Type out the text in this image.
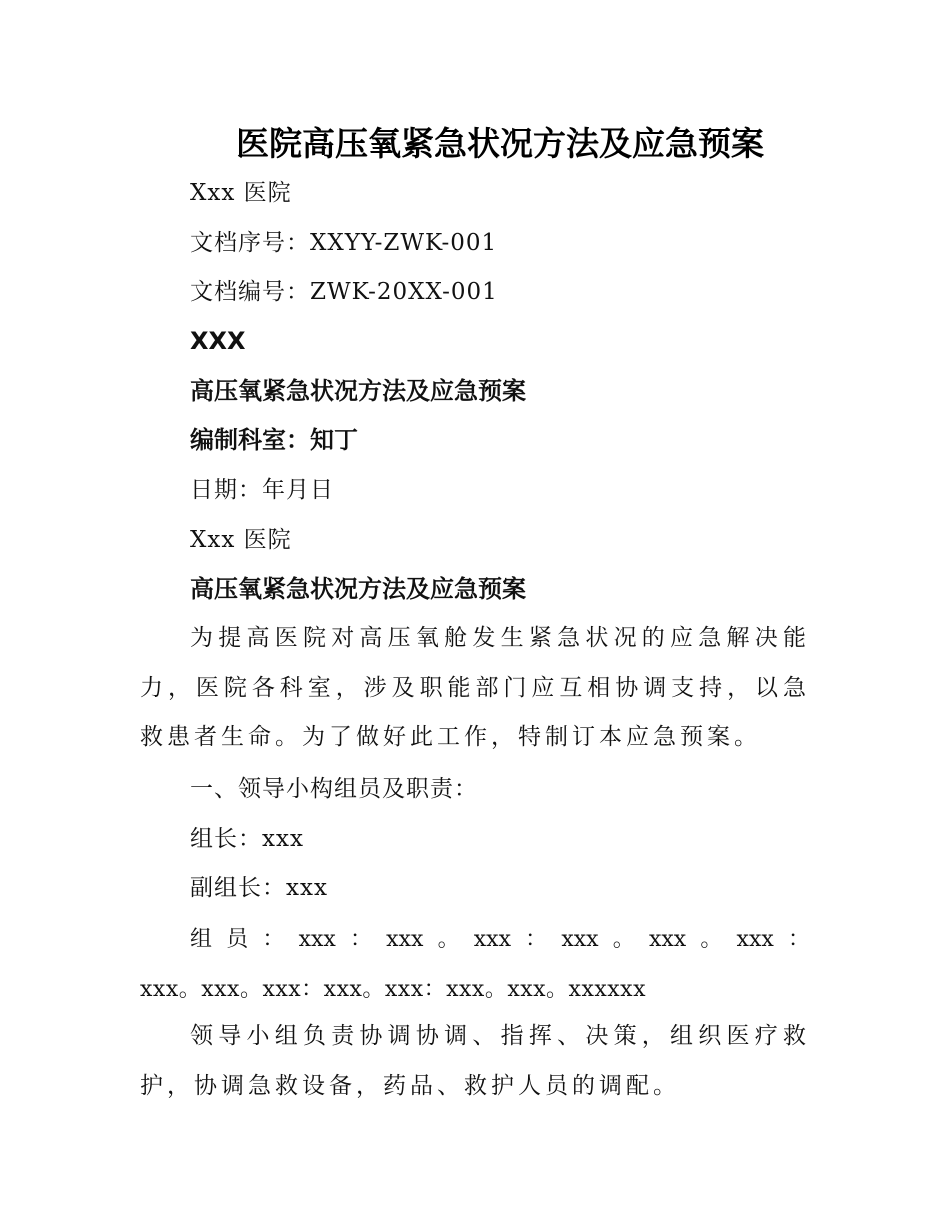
医院高压氧紧急状况方法及应急预案
Xxx 医院
文档序号：XXYY-ZWK-001
文档编号：ZWK-20XX-001
XXX
高压氧紧急状况方法及应急预案
编制科室：知丁
日期：年月日
Xxx 医院
高压氧紧急状况方法及应急预案
为提高医院对高压氧舱发生紧急状况的应急解决能力，医院各科室，涉及职能部门应互相协调支持，以急救患者生命。为了做好此工作，特制订本应急预案。
一、领导小构组员及职责：
组长：xxx
副组长：xxx
组 员 ： xxx ： xxx 。 xxx ： xxx 。 xxx 。 xxx ：
xxx。xxx。xxx：xxx。xxx：xxx。xxx。xxxxxx
领导小组负责协调协调、指挥、决策，组织医疗救护，协调急救设备，药品、救护人员的调配。
